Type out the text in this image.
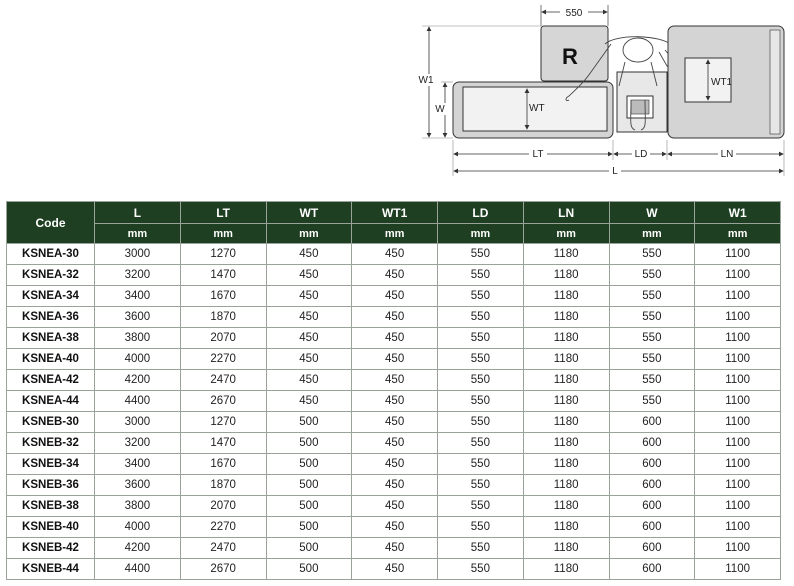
550
R
WT
WT1
W1
W
LT	LD	LN
L
Code	L	LT	WT	WT1	LD	LN	W	W1
	mm	mm	mm	mm	mm	mm	mm	mm
KSNEA-30	3000	1270	450	450	550	1180	550	1100
KSNEA-32	3200	1470	450	450	550	1180	550	1100
KSNEA-34	3400	1670	450	450	550	1180	550	1100
KSNEA-36	3600	1870	450	450	550	1180	550	1100
KSNEA-38	3800	2070	450	450	550	1180	550	1100
KSNEA-40	4000	2270	450	450	550	1180	550	1100
KSNEA-42	4200	2470	450	450	550	1180	550	1100
KSNEA-44	4400	2670	450	450	550	1180	550	1100
KSNEB-30	3000	1270	500	450	550	1180	600	1100
KSNEB-32	3200	1470	500	450	550	1180	600	1100
KSNEB-34	3400	1670	500	450	550	1180	600	1100
KSNEB-36	3600	1870	500	450	550	1180	600	1100
KSNEB-38	3800	2070	500	450	550	1180	600	1100
KSNEB-40	4000	2270	500	450	550	1180	600	1100
KSNEB-42	4200	2470	500	450	550	1180	600	1100
KSNEB-44	4400	2670	500	450	550	1180	600	1100
